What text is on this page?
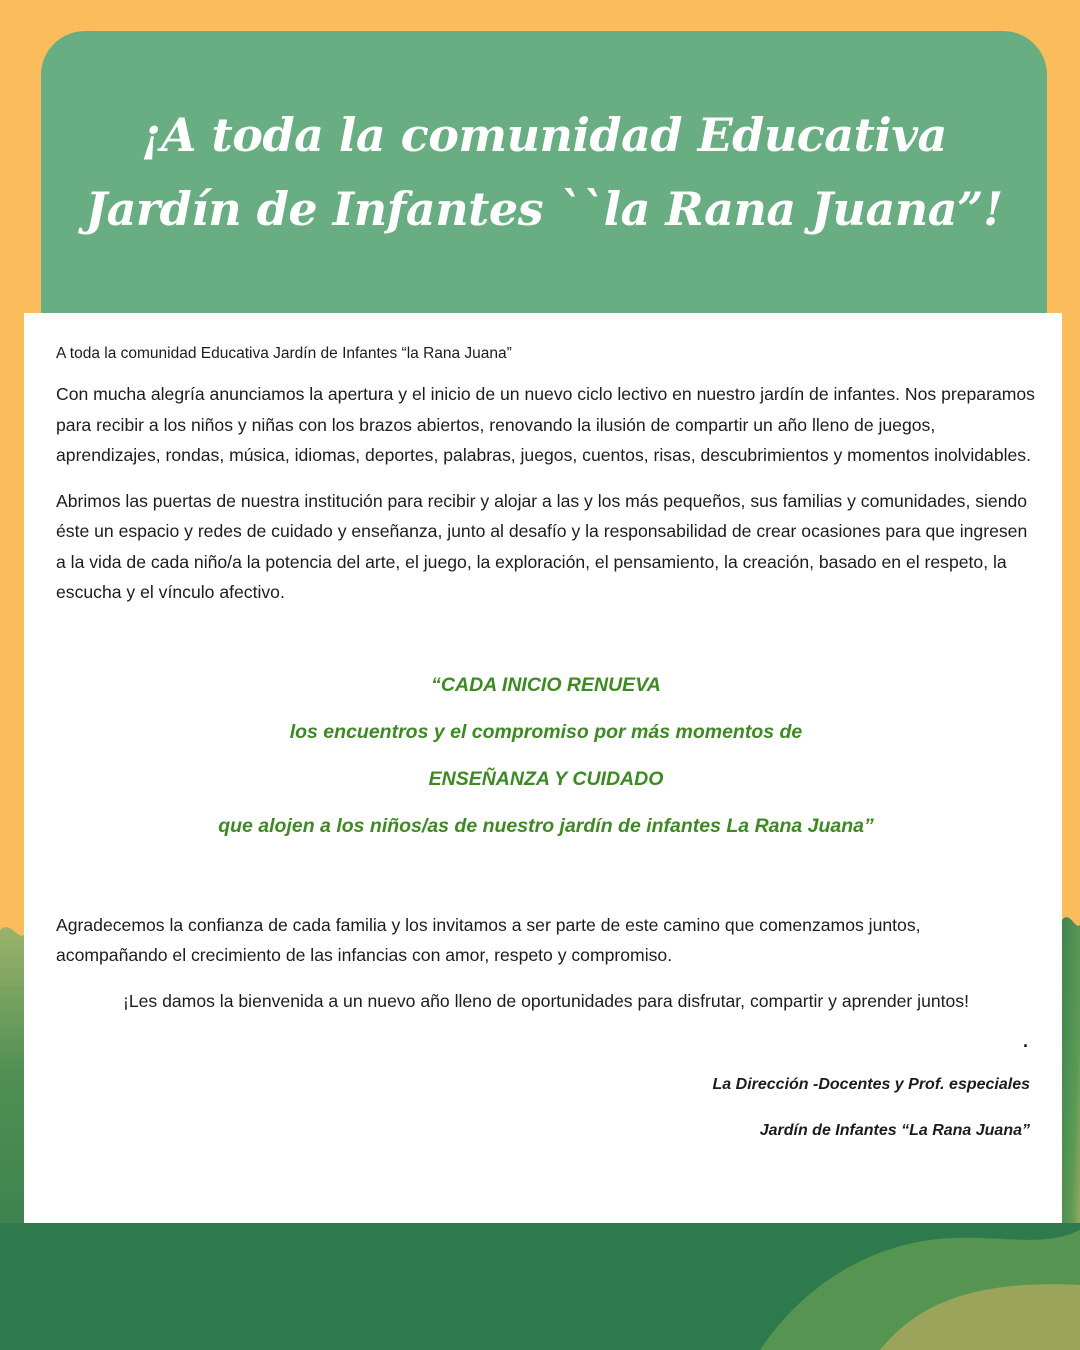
¡A toda la comunidad Educativa Jardín de Infantes ``la Rana Juana”!

A toda la comunidad Educativa Jardín de Infantes “la Rana Juana”

Con mucha alegría anunciamos la apertura y el inicio de un nuevo ciclo lectivo en nuestro jardín de infantes. Nos preparamos para recibir a los niños y niñas con los brazos abiertos, renovando la ilusión de compartir un año lleno de juegos, aprendizajes, rondas, música, idiomas, deportes, palabras, juegos, cuentos, risas, descubrimientos y momentos inolvidables.

Abrimos las puertas de nuestra institución para recibir y alojar a las y los más pequeños, sus familias y comunidades, siendo éste un espacio y redes de cuidado y enseñanza, junto al desafío y la responsabilidad de crear ocasiones para que ingresen a la vida de cada niño/a la potencia del arte, el juego, la exploración, el pensamiento, la creación, basado en el respeto, la escucha y el vínculo afectivo.

“CADA INICIO RENUEVA
los encuentros y el compromiso por más momentos de
ENSEÑANZA Y CUIDADO
que alojen a los niños/as de nuestro jardín de infantes La Rana Juana”

Agradecemos la confianza de cada familia y los invitamos a ser parte de este camino que comenzamos juntos, acompañando el crecimiento de las infancias con amor, respeto y compromiso.

¡Les damos la bienvenida a un nuevo año lleno de oportunidades para disfrutar, compartir y aprender juntos!

.
La Dirección -Docentes y Prof. especiales
Jardín de Infantes “La Rana Juana”
